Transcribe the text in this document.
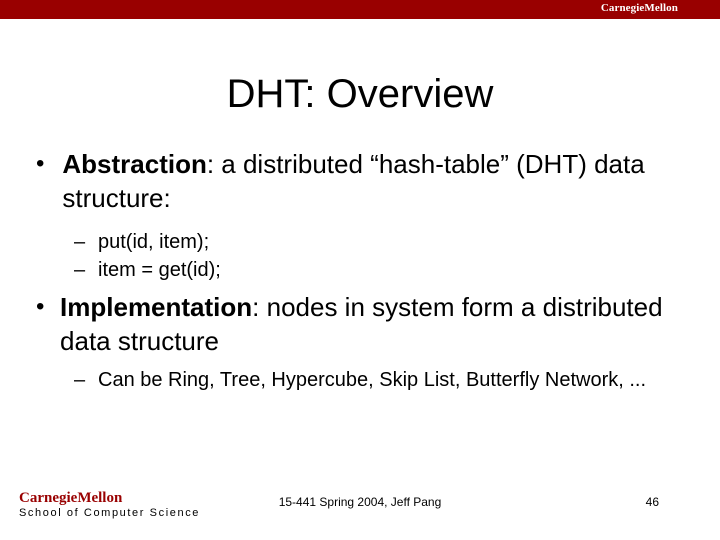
CarnegieMellon
DHT: Overview
• Abstraction: a distributed “hash-table” (DHT) data structure:
– put(id, item);
– item = get(id);
• Implementation: nodes in system form a distributed data structure
– Can be Ring, Tree, Hypercube, Skip List, Butterfly Network, ...
CarnegieMellon
School of Computer Science
15-441 Spring 2004, Jeff Pang	46
